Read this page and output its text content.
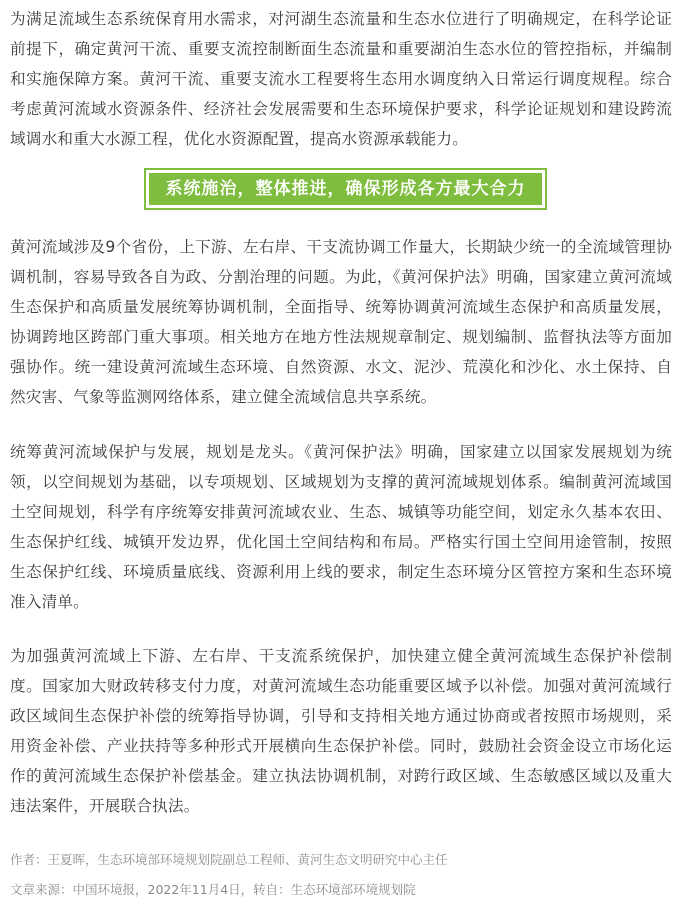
为满足流域生态系统保育用水需求，对河湖生态流量和生态水位进行了明确规定，在科学论证前提下，确定黄河干流、重要支流控制断面生态流量和重要湖泊生态水位的管控指标，并编制和实施保障方案。黄河干流、重要支流水工程要将生态用水调度纳入日常运行调度规程。综合考虑黄河流域水资源条件、经济社会发展需要和生态环境保护要求，科学论证规划和建设跨流域调水和重大水源工程，优化水资源配置，提高水资源承载能力。

系统施治，整体推进，确保形成各方最大合力

黄河流域涉及9个省份，上下游、左右岸、干支流协调工作量大，长期缺少统一的全流域管理协调机制，容易导致各自为政、分割治理的问题。为此，《黄河保护法》明确，国家建立黄河流域生态保护和高质量发展统筹协调机制，全面指导、统筹协调黄河流域生态保护和高质量发展，协调跨地区跨部门重大事项。相关地方在地方性法规规章制定、规划编制、监督执法等方面加强协作。统一建设黄河流域生态环境、自然资源、水文、泥沙、荒漠化和沙化、水土保持、自然灾害、气象等监测网络体系，建立健全流域信息共享系统。

统筹黄河流域保护与发展，规划是龙头。《黄河保护法》明确，国家建立以国家发展规划为统领，以空间规划为基础，以专项规划、区域规划为支撑的黄河流域规划体系。编制黄河流域国土空间规划，科学有序统筹安排黄河流域农业、生态、城镇等功能空间，划定永久基本农田、生态保护红线、城镇开发边界，优化国土空间结构和布局。严格实行国土空间用途管制，按照生态保护红线、环境质量底线、资源利用上线的要求，制定生态环境分区管控方案和生态环境准入清单。

为加强黄河流域上下游、左右岸、干支流系统保护，加快建立健全黄河流域生态保护补偿制度。国家加大财政转移支付力度，对黄河流域生态功能重要区域予以补偿。加强对黄河流域行政区域间生态保护补偿的统筹指导协调，引导和支持相关地方通过协商或者按照市场规则，采用资金补偿、产业扶持等多种形式开展横向生态保护补偿。同时，鼓励社会资金设立市场化运作的黄河流域生态保护补偿基金。建立执法协调机制，对跨行政区域、生态敏感区域以及重大违法案件，开展联合执法。

作者：王夏晖，生态环境部环境规划院副总工程师、黄河生态文明研究中心主任
文章来源：中国环境报，2022年11月4日，转自：生态环境部环境规划院
